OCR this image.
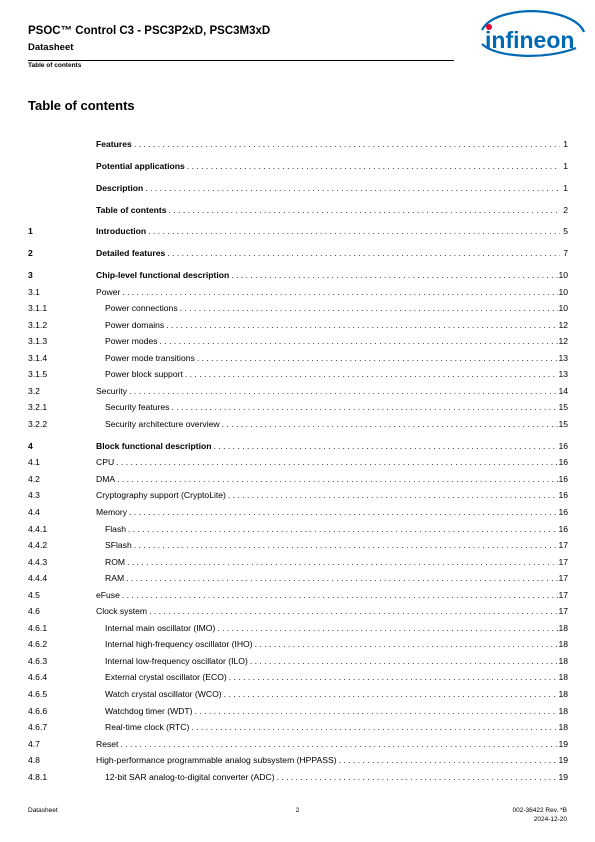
PSOC™ Control C3 - PSC3P2xD, PSC3M3xD
Datasheet
Table of contents
infineon
Table of contents
Features . . .	1
Potential applications . . .	1
Description . . .	1
Table of contents . . .	2
1	Introduction . . .	5
2	Detailed features . . .	7
3	Chip-level functional description . . .	10
3.1	Power . . .	10
3.1.1	Power connections . . .	10
3.1.2	Power domains . . .	12
3.1.3	Power modes . . .	12
3.1.4	Power mode transitions . . .	13
3.1.5	Power block support . . .	13
3.2	Security . . .	14
3.2.1	Security features . . .	15
3.2.2	Security architecture overview . . .	15
4	Block functional description . . .	16
4.1	CPU . . .	16
4.2	DMA . . .	16
4.3	Cryptography support (CryptoLite) . . .	16
4.4	Memory . . .	16
4.4.1	Flash . . .	16
4.4.2	SFlash . . .	17
4.4.3	ROM . . .	17
4.4.4	RAM . . .	17
4.5	eFuse . . .	17
4.6	Clock system . . .	17
4.6.1	Internal main oscillator (IMO) . . .	18
4.6.2	Internal high-frequency oscillator (IHO) . . .	18
4.6.3	Internal low-frequency oscillator (ILO) . . .	18
4.6.4	External crystal oscillator (ECO) . . .	18
4.6.5	Watch crystal oscillator (WCO) . . .	18
4.6.6	Watchdog timer (WDT) . . .	18
4.6.7	Real-time clock (RTC) . . .	18
4.7	Reset . . .	19
4.8	High-performance programmable analog subsystem (HPPASS) . . .	19
4.8.1	12-bit SAR analog-to-digital converter (ADC) . . .	19
Datasheet	2	002-36422 Rev. *B
2024-12-20
